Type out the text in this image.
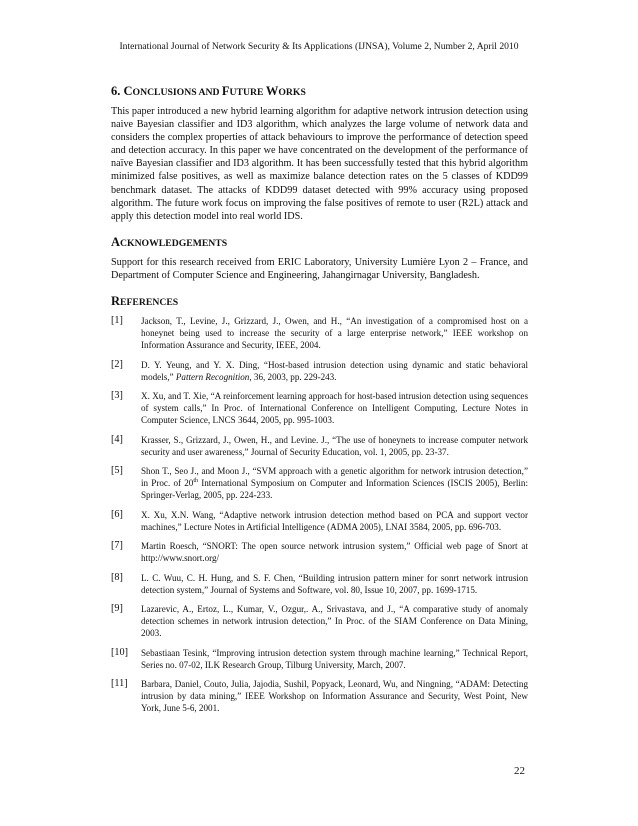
International Journal of Network Security & Its Applications (IJNSA), Volume 2, Number 2, April 2010
6. CONCLUSIONS AND FUTURE WORKS

This paper introduced a new hybrid learning algorithm for adaptive network intrusion detection using naive Bayesian classifier and ID3 algorithm, which analyzes the large volume of network data and considers the complex properties of attack behaviours to improve the performance of detection speed and detection accuracy. In this paper we have concentrated on the development of the performance of naïve Bayesian classifier and ID3 algorithm. It has been successfully tested that this hybrid algorithm minimized false positives, as well as maximize balance detection rates on the 5 classes of KDD99 benchmark dataset. The attacks of KDD99 dataset detected with 99% accuracy using proposed algorithm. The future work focus on improving the false positives of remote to user (R2L) attack and apply this detection model into real world IDS.

ACKNOWLEDGEMENTS

Support for this research received from ERIC Laboratory, University Lumière Lyon 2 – France, and Department of Computer Science and Engineering, Jahangirnagar University, Bangladesh.

REFERENCES
[1]	Jackson, T., Levine, J., Grizzard, J., Owen, and H., “An investigation of a compromised host on a honeynet being used to increase the security of a large enterprise network,” IEEE workshop on Information Assurance and Security, IEEE, 2004.
[2]	D. Y. Yeung, and Y. X. Ding, “Host-based intrusion detection using dynamic and static behavioral models,” Pattern Recognition, 36, 2003, pp. 229-243.
[3]	X. Xu, and T. Xie, “A reinforcement learning approach for host-based intrusion detection using sequences of system calls,” In Proc. of International Conference on Intelligent Computing, Lecture Notes in Computer Science, LNCS 3644, 2005, pp. 995-1003.
[4]	Krasser, S., Grizzard, J., Owen, H., and Levine. J., “The use of honeynets to increase computer network security and user awareness,” Journal of Security Education, vol. 1, 2005, pp. 23-37.
[5]	Shon T., Seo J., and Moon J., “SVM approach with a genetic algorithm for network intrusion detection,” in Proc. of 20th International Symposium on Computer and Information Sciences (ISCIS 2005), Berlin: Springer-Verlag, 2005, pp. 224-233.
[6]	X. Xu, X.N. Wang, “Adaptive network intrusion detection method based on PCA and support vector machines,” Lecture Notes in Artificial Intelligence (ADMA 2005), LNAI 3584, 2005, pp. 696-703.
[7]	Martin Roesch, “SNORT: The open source network intrusion system,” Official web page of Snort at http://www.snort.org/
[8]	L. C. Wuu, C. H. Hung, and S. F. Chen, “Building intrusion pattern miner for sonrt network intrusion detection system,” Journal of Systems and Software, vol. 80, Issue 10, 2007, pp. 1699-1715.
[9]	Lazarevic, A., Ertoz, L., Kumar, V., Ozgur,. A., Srivastava, and J., “A comparative study of anomaly detection schemes in network intrusion detection,” In Proc. of the SIAM Conference on Data Mining, 2003.
[10]	Sebastiaan Tesink, “Improving intrusion detection system through machine learning,” Technical Report, Series no. 07-02, ILK Research Group, Tilburg University, March, 2007.
[11]	Barbara, Daniel, Couto, Julia, Jajodia, Sushil, Popyack, Leonard, Wu, and Ningning, “ADAM: Detecting intrusion by data mining,” IEEE Workshop on Information Assurance and Security, West Point, New York, June 5-6, 2001.
22
